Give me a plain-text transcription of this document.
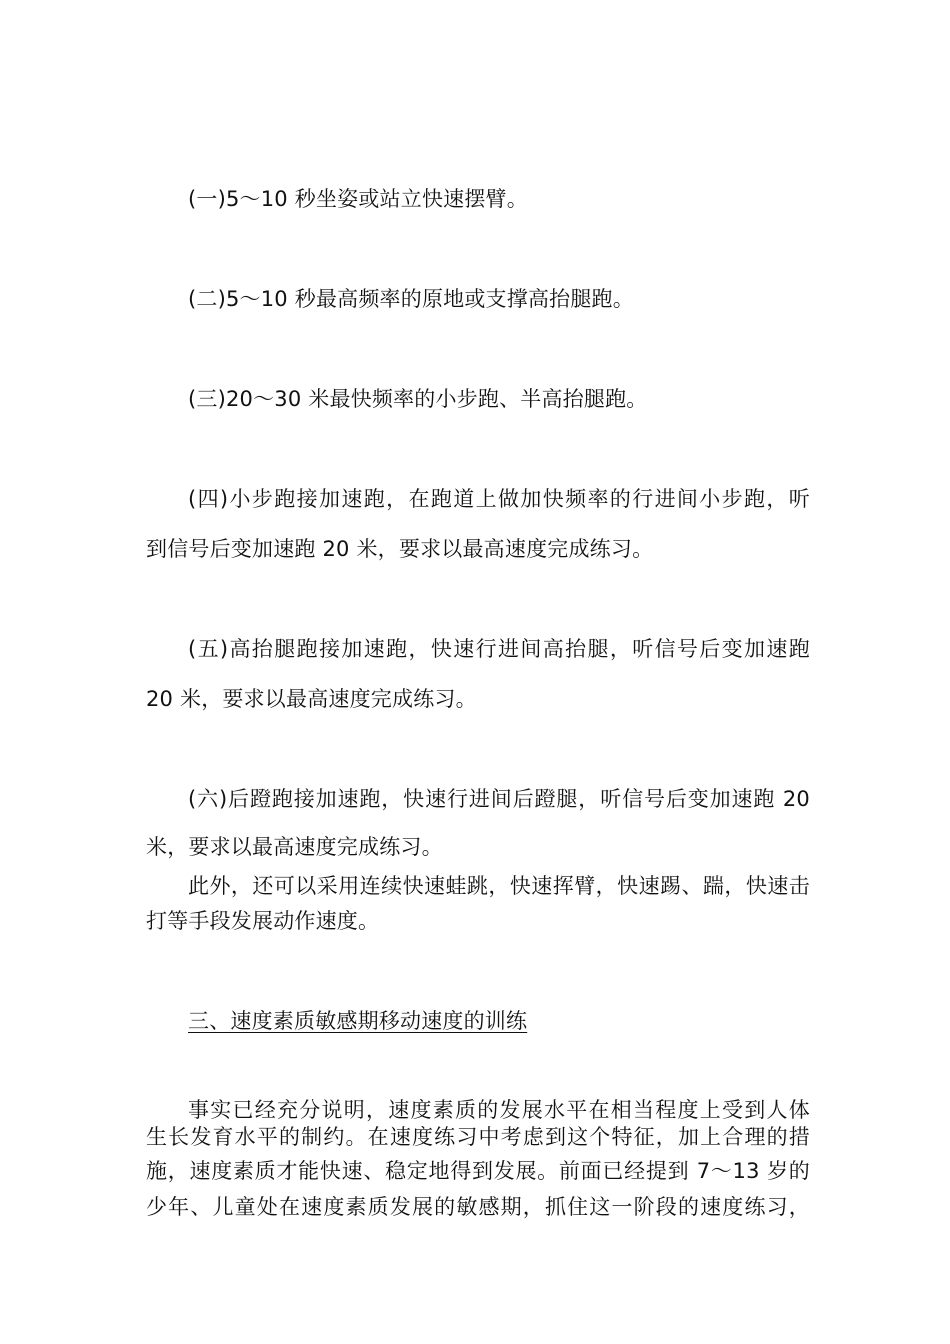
(一)5～10 秒坐姿或站立快速摆臂。
(二)5～10 秒最高频率的原地或支撑高抬腿跑。
(三)20～30 米最快频率的小步跑、半高抬腿跑。
(四)小步跑接加速跑，在跑道上做加快频率的行进间小步跑，听
到信号后变加速跑 20 米，要求以最高速度完成练习。
(五)高抬腿跑接加速跑，快速行进间高抬腿，听信号后变加速跑
20 米，要求以最高速度完成练习。
(六)后蹬跑接加速跑，快速行进间后蹬腿，听信号后变加速跑 20
米，要求以最高速度完成练习。
此外，还可以采用连续快速蛙跳，快速挥臂，快速踢、踹，快速击
打等手段发展动作速度。
三、速度素质敏感期移动速度的训练
事实已经充分说明，速度素质的发展水平在相当程度上受到人体
生长发育水平的制约。在速度练习中考虑到这个特征，加上合理的措
施，速度素质才能快速、稳定地得到发展。前面已经提到 7～13 岁的
少年、儿童处在速度素质发展的敏感期，抓住这一阶段的速度练习，
